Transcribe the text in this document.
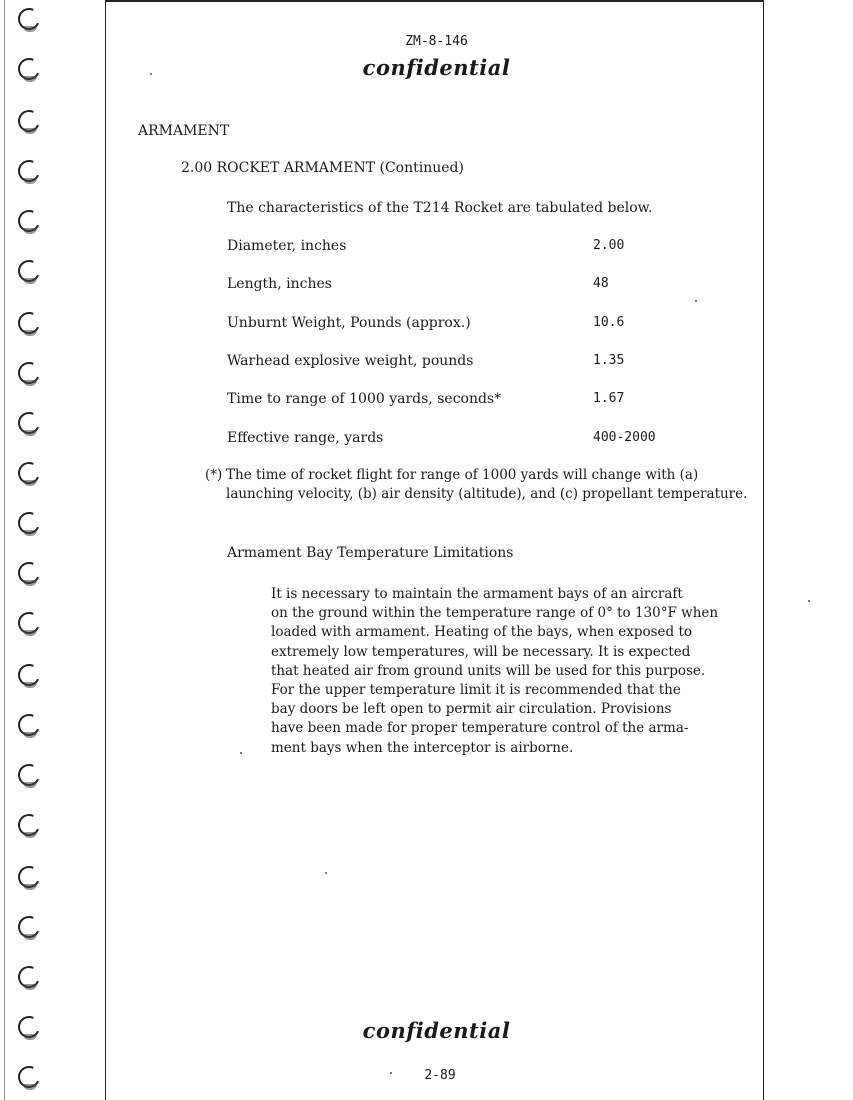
ZM-8-146
confidential
ARMAMENT
2.00 ROCKET ARMAMENT (Continued)
The characteristics of the T214 Rocket are tabulated below.
Diameter, inches	2.00
Length, inches	48
Unburnt Weight, Pounds (approx.)	10.6
Warhead explosive weight, pounds	1.35
Time to range of 1000 yards, seconds*	1.67
Effective range, yards	400-2000
(*) The time of rocket flight for range of 1000 yards will change with (a) launching velocity, (b) air density (altitude), and (c) propellant temperature.
Armament Bay Temperature Limitations
It is necessary to maintain the armament bays of an aircraft
on the ground within the temperature range of 0° to 130°F when
loaded with armament. Heating of the bays, when exposed to
extremely low temperatures, will be necessary. It is expected
that heated air from ground units will be used for this purpose.
For the upper temperature limit it is recommended that the
bay doors be left open to permit air circulation. Provisions
have been made for proper temperature control of the arma-
ment bays when the interceptor is airborne.
confidential
2-89
